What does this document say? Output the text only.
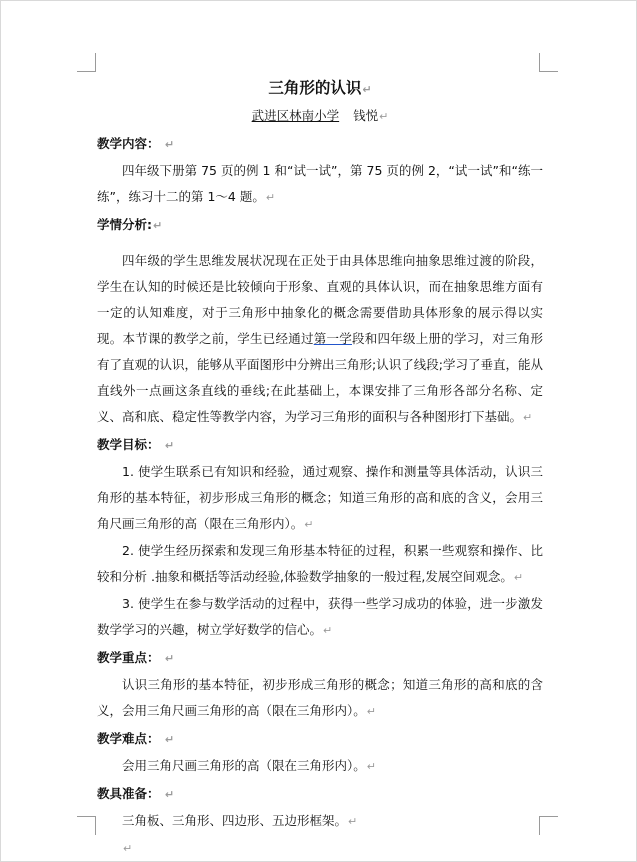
三角形的认识↵
武进区林南小学 钱悦↵
教学内容： ↵
四年级下册第 75 页的例 1 和“试一试”，第 75 页的例 2，“试一试”和“练一练”，练习十二的第 1～4 题。↵
学情分析:↵
四年级的学生思维发展状况现在正处于由具体思维向抽象思维过渡的阶段，学生在认知的时候还是比较倾向于形象、直观的具体认识，而在抽象思维方面有一定的认知难度，对于三角形中抽象化的概念需要借助具体形象的展示得以实现。本节课的教学之前，学生已经通过第一学段和四年级上册的学习，对三角形有了直观的认识，能够从平面图形中分辨出三角形;认识了线段;学习了垂直，能从直线外一点画这条直线的垂线;在此基础上，本课安排了三角形各部分名称、定义、高和底、稳定性等教学内容，为学习三角形的面积与各种图形打下基础。↵
教学目标： ↵
1. 使学生联系已有知识和经验，通过观察、操作和测量等具体活动，认识三角形的基本特征，初步形成三角形的概念；知道三角形的高和底的含义，会用三角尺画三角形的高（限在三角形内）。↵
2. 使学生经历探索和发现三角形基本特征的过程，积累一些观察和操作、比较和分析 .抽象和概括等活动经验,体验数学抽象的一般过程,发展空间观念。↵
3. 使学生在参与数学活动的过程中，获得一些学习成功的体验，进一步激发数学学习的兴趣，树立学好数学的信心。↵
教学重点： ↵
认识三角形的基本特征，初步形成三角形的概念；知道三角形的高和底的含义，会用三角尺画三角形的高（限在三角形内）。↵
教学难点： ↵
会用三角尺画三角形的高（限在三角形内）。↵
教具准备： ↵
三角板、三角形、四边形、五边形框架。↵
↵
